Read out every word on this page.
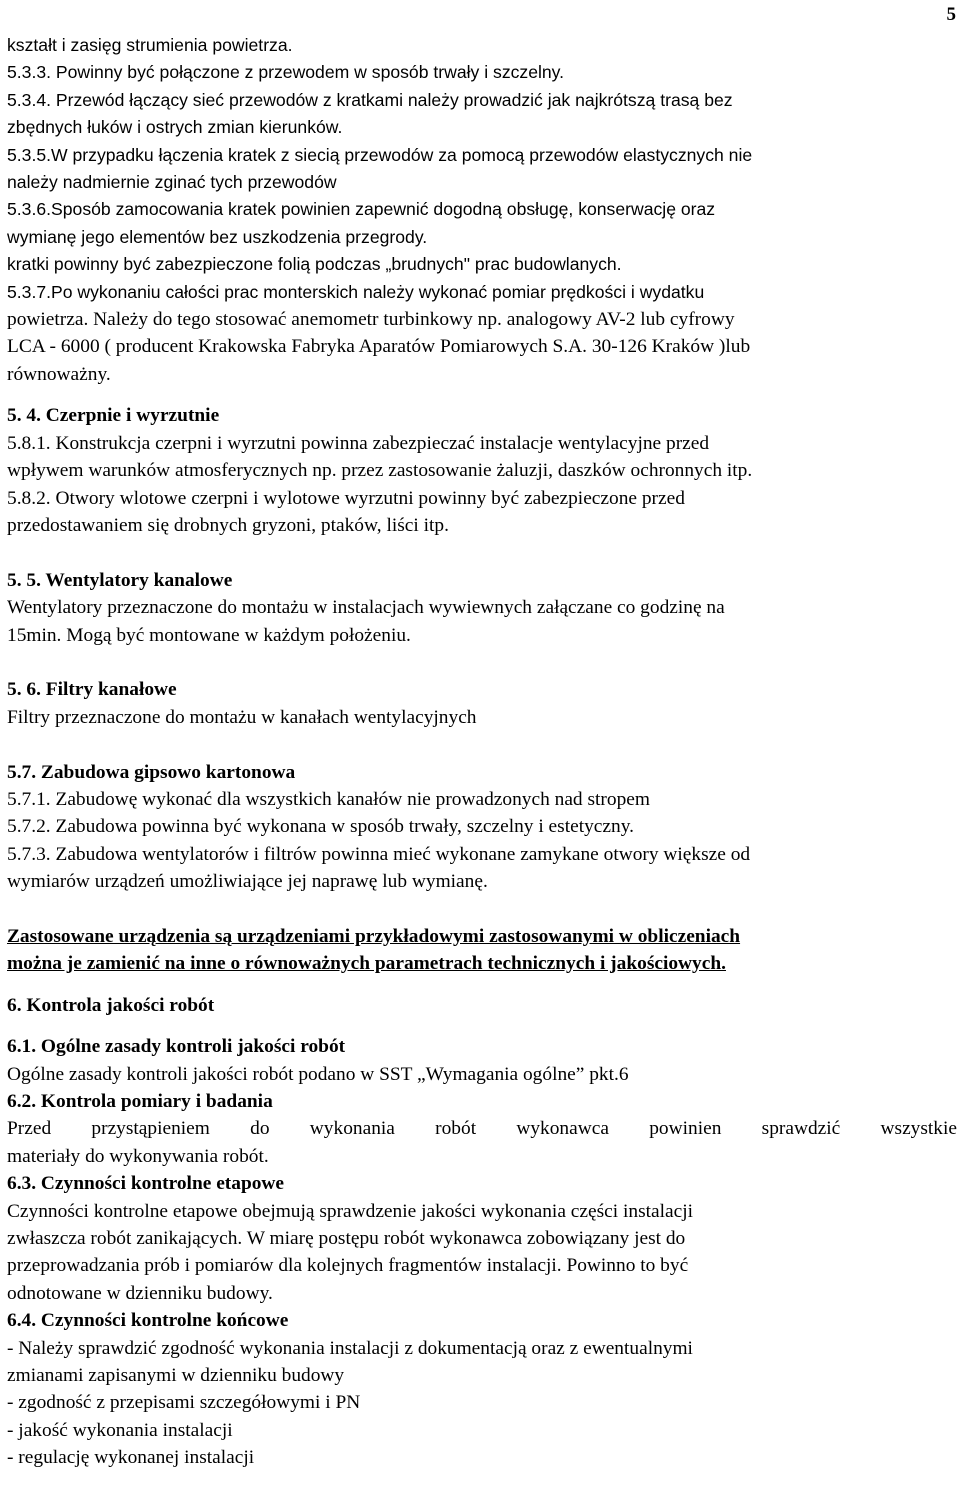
5
kształt i zasięg strumienia powietrza.
5.3.3. Powinny być połączone z przewodem w sposób trwały i szczelny.
5.3.4. Przewód łączący sieć przewodów z kratkami należy prowadzić jak najkrótszą trasą bez
zbędnych łuków i ostrych zmian kierunków.
5.3.5.W przypadku łączenia kratek z siecią przewodów za pomocą przewodów elastycznych nie
należy nadmiernie zginać tych przewodów
5.3.6.Sposób zamocowania kratek powinien zapewnić dogodną obsługę, konserwację oraz
wymianę jego elementów bez uszkodzenia przegrody.
kratki powinny być zabezpieczone folią podczas „brudnych" prac budowlanych.
5.3.7.Po wykonaniu całości prac monterskich należy wykonać pomiar prędkości i wydatku
powietrza. Należy do tego stosować anemometr turbinkowy np. analogowy AV-2 lub cyfrowy
LCA - 6000 ( producent Krakowska Fabryka Aparatów Pomiarowych S.A. 30-126 Kraków )lub
równoważny.
5. 4. Czerpnie i wyrzutnie
5.8.1. Konstrukcja czerpni i wyrzutni powinna zabezpieczać instalacje wentylacyjne przed
wpływem warunków atmosferycznych np. przez zastosowanie żaluzji, daszków ochronnych itp.
5.8.2. Otwory wlotowe czerpni i wylotowe wyrzutni powinny być zabezpieczone przed
przedostawaniem się drobnych gryzoni, ptaków, liści itp.
5. 5. Wentylatory kanalowe
Wentylatory przeznaczone do montażu w instalacjach wywiewnych załączane co godzinę na
15min. Mogą być montowane w każdym położeniu.
5. 6. Filtry kanałowe
Filtry przeznaczone do montażu w kanałach wentylacyjnych
5.7. Zabudowa gipsowo kartonowa
5.7.1. Zabudowę wykonać dla wszystkich kanałów nie prowadzonych nad stropem
5.7.2. Zabudowa powinna być wykonana w sposób trwały, szczelny i estetyczny.
5.7.3. Zabudowa wentylatorów i filtrów powinna mieć wykonane zamykane otwory większe od
wymiarów urządzeń umożliwiające jej naprawę lub wymianę.
Zastosowane urządzenia są urządzeniami przykładowymi zastosowanymi w obliczeniach
można je zamienić na inne o równoważnych parametrach technicznych i jakościowych.
6. Kontrola jakości robót
6.1. Ogólne zasady kontroli jakości robót
Ogólne zasady kontroli jakości robót podano w SST „Wymagania ogólne” pkt.6
6.2. Kontrola pomiary i badania
Przed przystąpieniem do wykonania robót wykonawca powinien sprawdzić wszystkie
materiały do wykonywania robót.
6.3. Czynności kontrolne etapowe
Czynności kontrolne etapowe obejmują sprawdzenie jakości wykonania części instalacji
zwłaszcza robót zanikających. W miarę postępu robót wykonawca zobowiązany jest do
przeprowadzania prób i pomiarów dla kolejnych fragmentów instalacji. Powinno to być
odnotowane w dzienniku budowy.
6.4. Czynności kontrolne końcowe
- Należy sprawdzić zgodność wykonania instalacji z dokumentacją oraz z ewentualnymi
zmianami zapisanymi w dzienniku budowy
- zgodność z przepisami szczegółowymi i PN
- jakość wykonania instalacji
- regulację wykonanej instalacji
